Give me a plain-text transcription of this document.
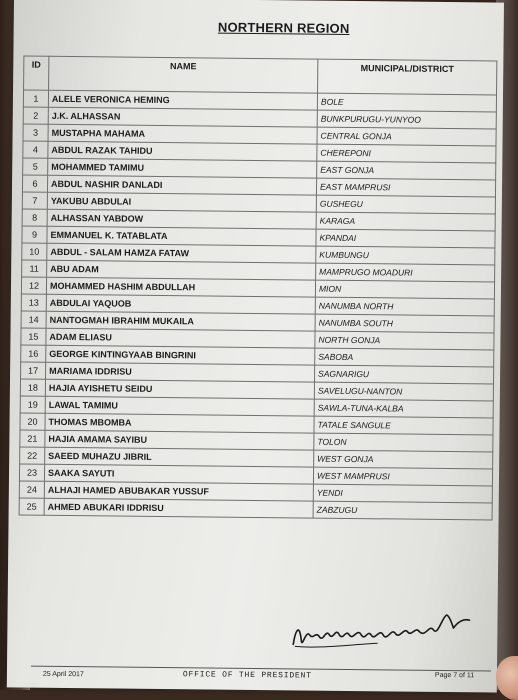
NORTHERN REGION
ID	NAME	MUNICIPAL/DISTRICT
1	ALELE VERONICA HEMING	BOLE
2	J.K. ALHASSAN	BUNKPURUGU-YUNYOO
3	MUSTAPHA MAHAMA	CENTRAL GONJA
4	ABDUL RAZAK TAHIDU	CHEREPONI
5	MOHAMMED TAMIMU	EAST GONJA
6	ABDUL NASHIR DANLADI	EAST MAMPRUSI
7	YAKUBU ABDULAI	GUSHEGU
8	ALHASSAN YABDOW	KARAGA
9	EMMANUEL K. TATABLATA	KPANDAI
10	ABDUL - SALAM HAMZA FATAW	KUMBUNGU
11	ABU ADAM	MAMPRUGO MOADURI
12	MOHAMMED HASHIM ABDULLAH	MION
13	ABDULAI YAQUOB	NANUMBA NORTH
14	NANTOGMAH IBRAHIM MUKAILA	NANUMBA SOUTH
15	ADAM ELIASU	NORTH GONJA
16	GEORGE KINTINGYAAB BINGRINI	SABOBA
17	MARIAMA IDDRISU	SAGNARIGU
18	HAJIA AYISHETU SEIDU	SAVELUGU-NANTON
19	LAWAL TAMIMU	SAWLA-TUNA-KALBA
20	THOMAS MBOMBA	TATALE SANGULE
21	HAJIA AMAMA SAYIBU	TOLON
22	SAEED MUHAZU JIBRIL	WEST GONJA
23	SAAKA SAYUTI	WEST MAMPRUSI
24	ALHAJI HAMED ABUBAKAR YUSSUF	YENDI
25	AHMED ABUKARI IDDRISU	ZABZUGU
25 April 2017	OFFICE OF THE PRESIDENT	Page 7 of 11
